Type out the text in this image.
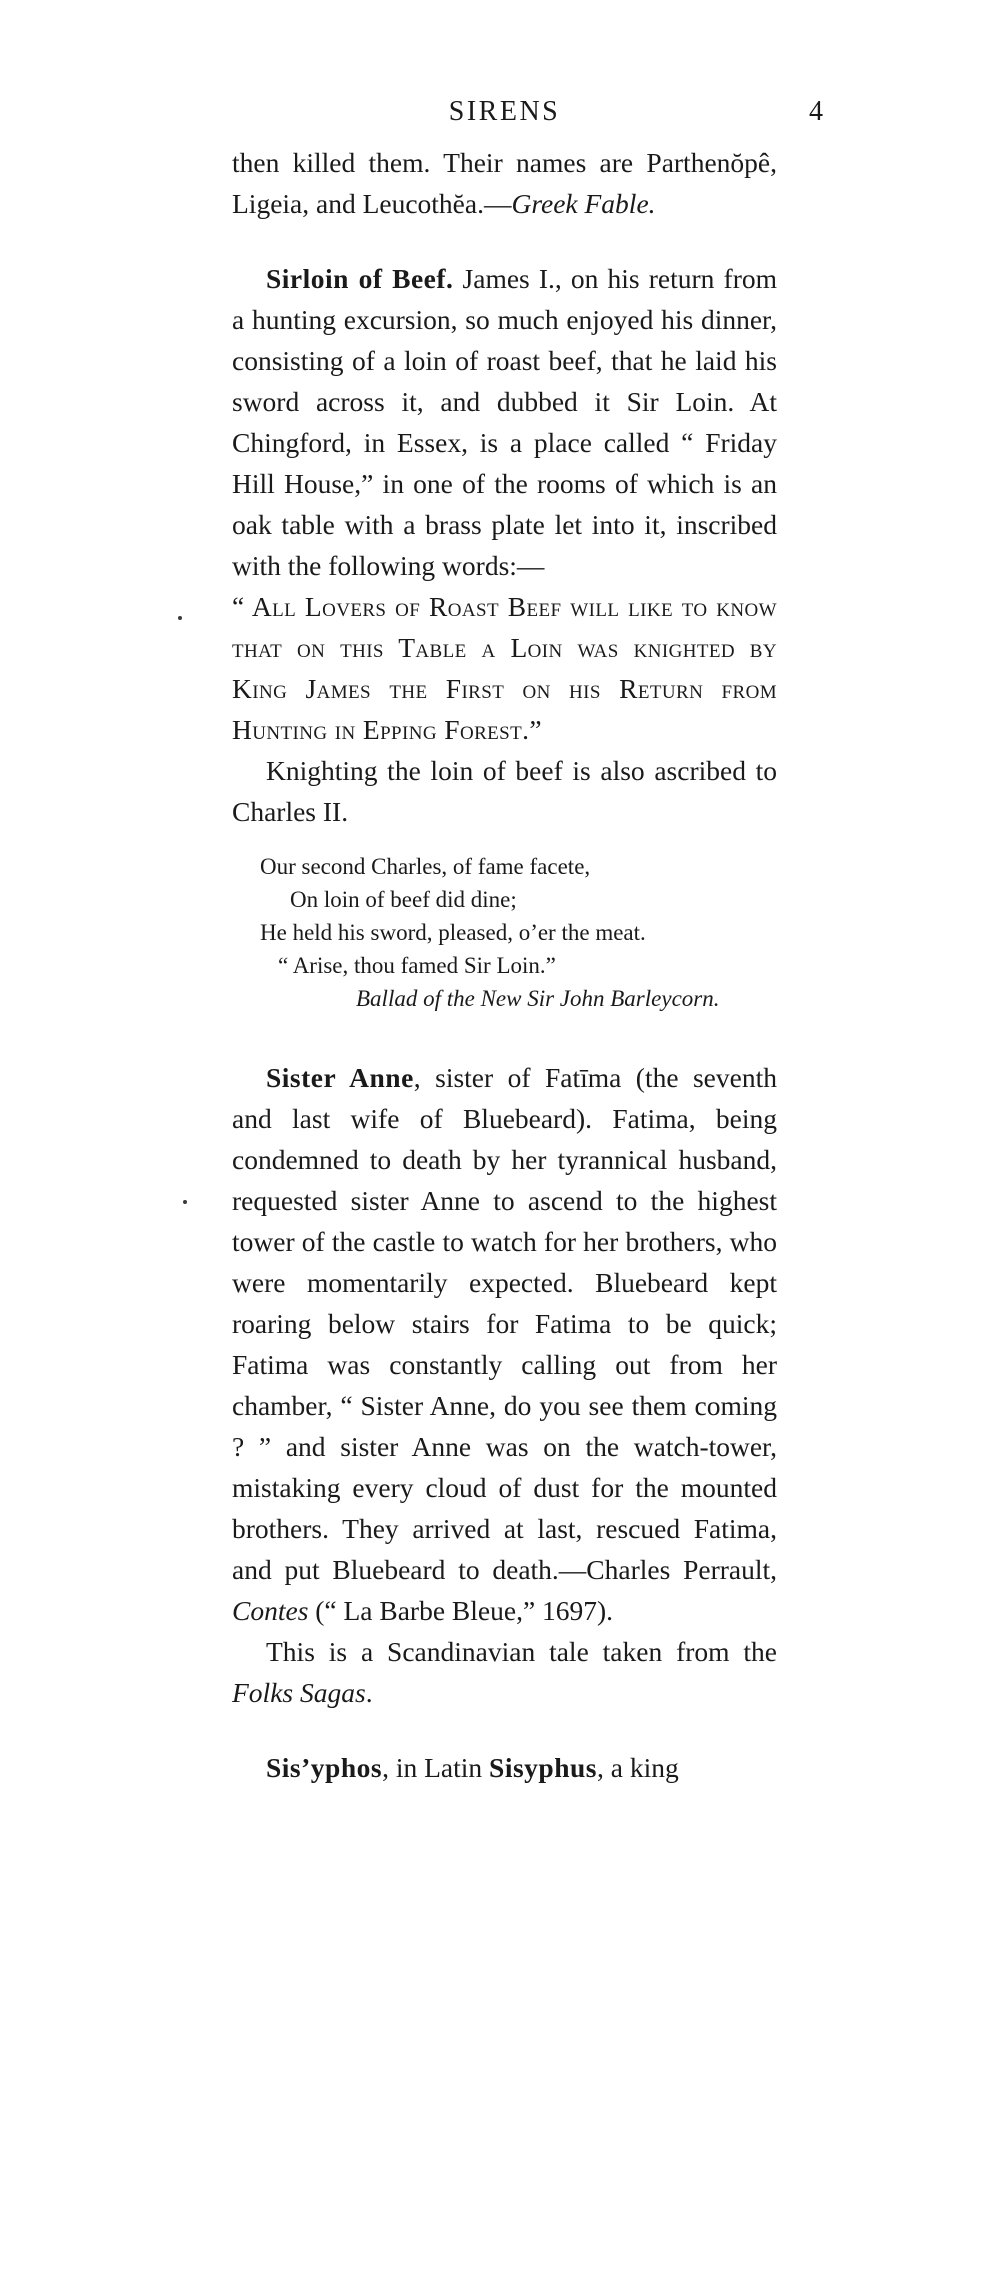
SIRENS	4

then killed them. Their names are Parthenŏpê, Ligeia, and Leucothĕa.—Greek Fable.

Sirloin of Beef. James I., on his return from a hunting excursion, so much enjoyed his dinner, consisting of a loin of roast beef, that he laid his sword across it, and dubbed it Sir Loin. At Chingford, in Essex, is a place called “ Friday Hill House,” in one of the rooms of which is an oak table with a brass plate let into it, inscribed with the following words:—

“ All Lovers of Roast Beef will like to know that on this Table a Loin was knighted by King James the First on his Return from Hunting in Epping Forest.”

Knighting the loin of beef is also ascribed to Charles II.

Our second Charles, of fame facete,
On loin of beef did dine;
He held his sword, pleased, o’er the meat.
“ Arise, thou famed Sir Loin.”
Ballad of the New Sir John Barleycorn.

Sister Anne, sister of Fatīma (the seventh and last wife of Bluebeard). Fatima, being condemned to death by her tyrannical husband, requested sister Anne to ascend to the highest tower of the castle to watch for her brothers, who were momentarily expected. Bluebeard kept roaring below stairs for Fatima to be quick; Fatima was constantly calling out from her chamber, “ Sister Anne, do you see them coming ? ” and sister Anne was on the watch-tower, mistaking every cloud of dust for the mounted brothers. They arrived at last, rescued Fatima, and put Bluebeard to death.—Charles Perrault, Contes (“ La Barbe Bleue,” 1697).

This is a Scandinavian tale taken from the Folks Sagas.

Sis’yphos, in Latin Sisyphus, a king
